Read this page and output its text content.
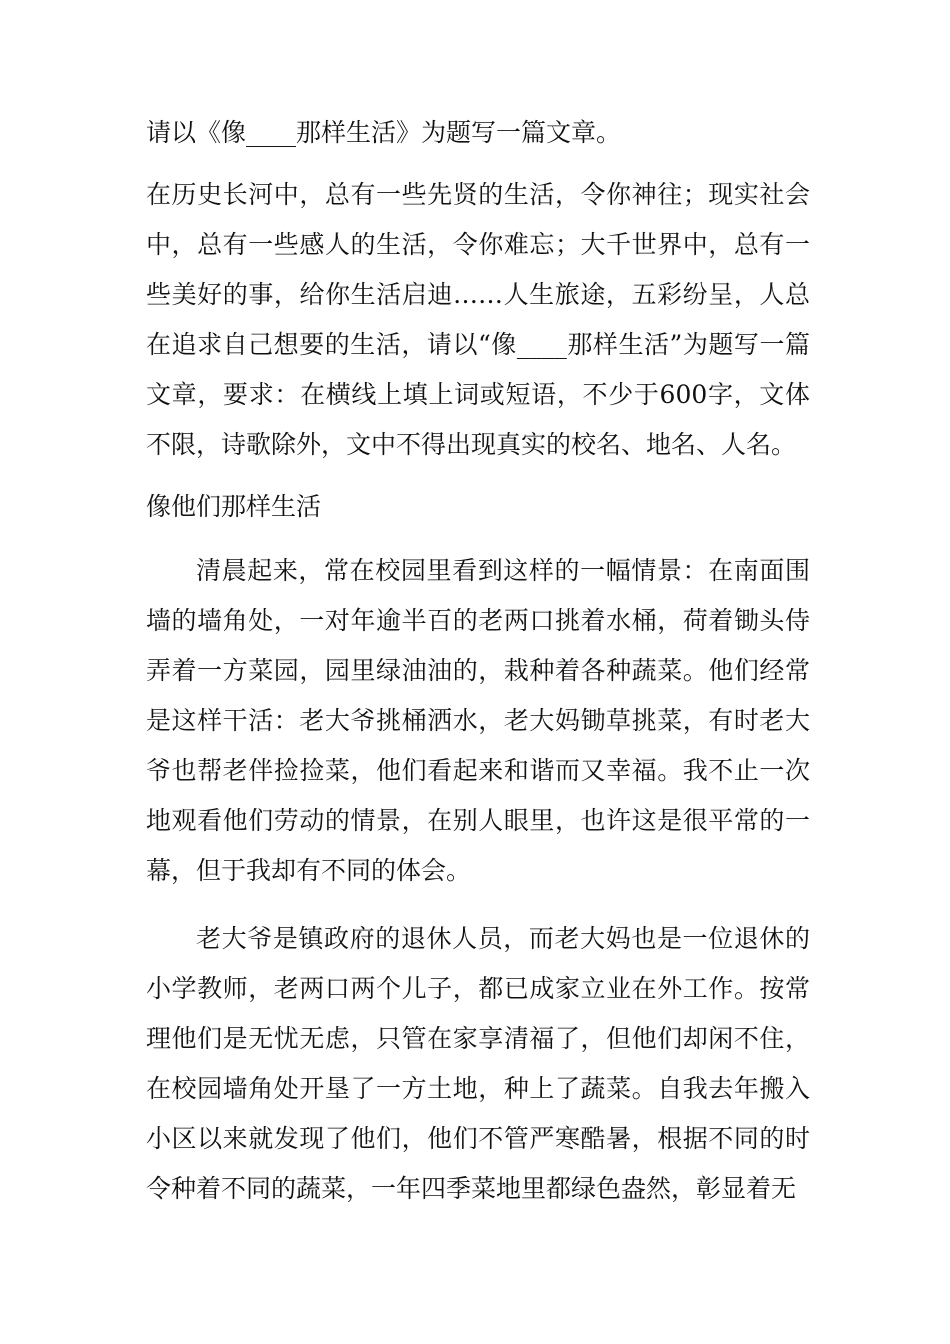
请以《像____那样生活》为题写一篇文章。
在历史长河中，总有一些先贤的生活，令你神往；现实社会中，总有一些感人的生活，令你难忘；大千世界中，总有一些美好的事，给你生活启迪……人生旅途，五彩纷呈，人总在追求自己想要的生活，请以“像____那样生活”为题写一篇文章，要求：在横线上填上词或短语，不少于600字，文体不限，诗歌除外，文中不得出现真实的校名、地名、人名。
像他们那样生活
清晨起来，常在校园里看到这样的一幅情景：在南面围墙的墙角处，一对年逾半百的老两口挑着水桶，荷着锄头侍弄着一方菜园，园里绿油油的，栽种着各种蔬菜。他们经常是这样干活：老大爷挑桶洒水，老大妈锄草挑菜，有时老大爷也帮老伴捡捡菜，他们看起来和谐而又幸福。我不止一次地观看他们劳动的情景，在别人眼里，也许这是很平常的一幕，但于我却有不同的体会。
老大爷是镇政府的退休人员，而老大妈也是一位退休的小学教师，老两口两个儿子，都已成家立业在外工作。按常理他们是无忧无虑，只管在家享清福了，但他们却闲不住，在校园墙角处开垦了一方土地，种上了蔬菜。自我去年搬入小区以来就发现了他们，他们不管严寒酷暑，根据不同的时令种着不同的蔬菜，一年四季菜地里都绿色盎然，彰显着无
